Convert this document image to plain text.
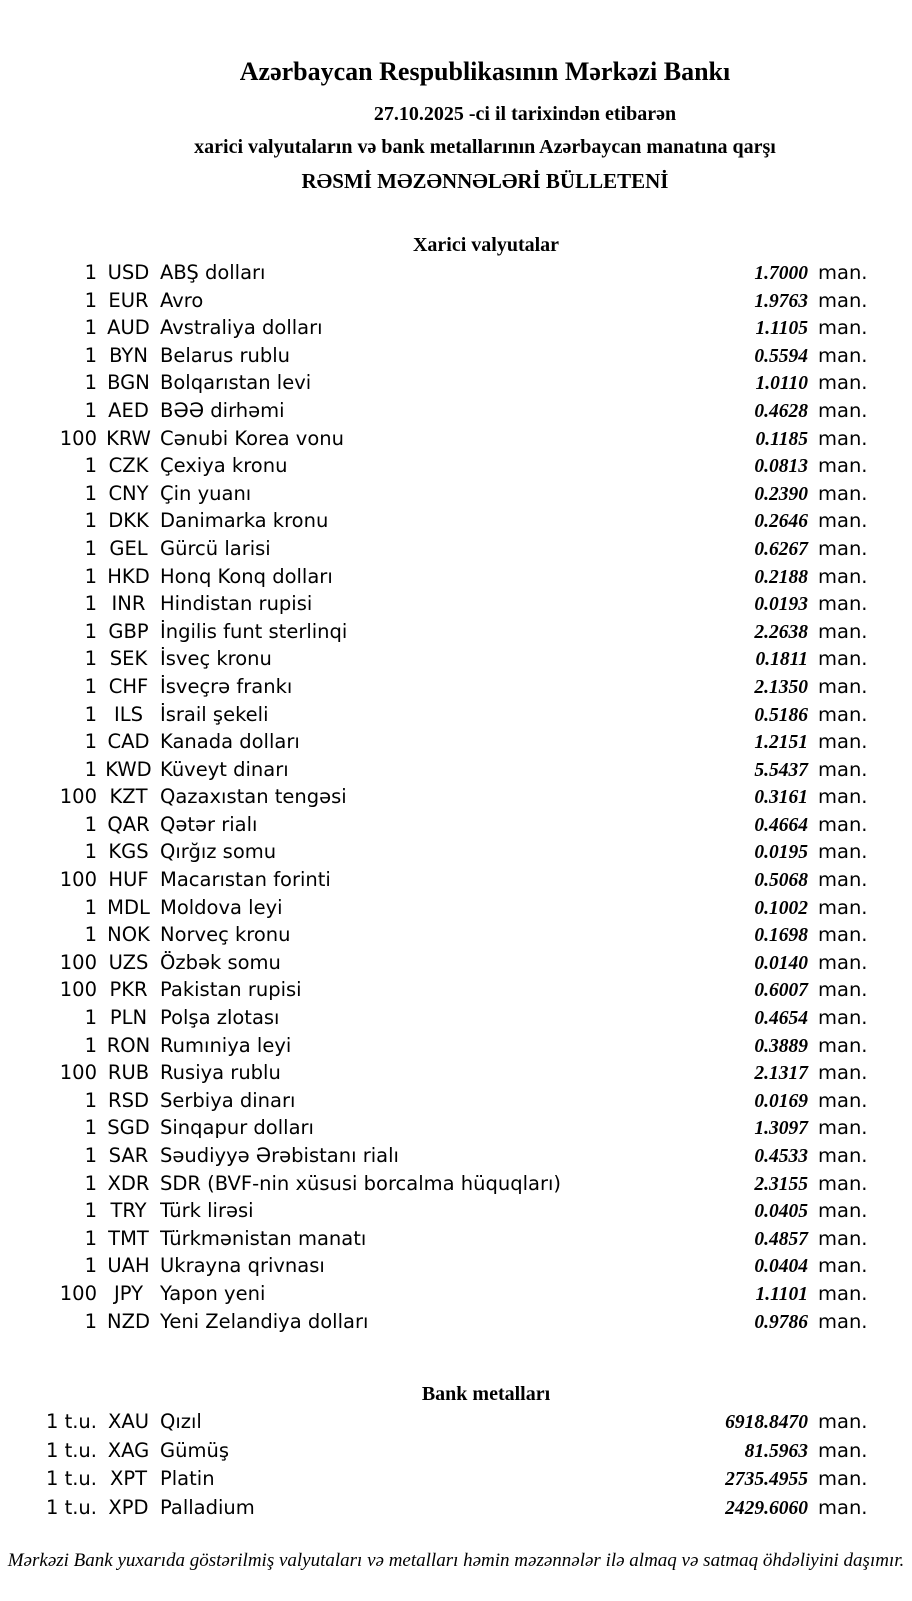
Azərbaycan Respublikasının Mərkəzi Bankı
27.10.2025 -ci il tarixindən etibarən
xarici valyutaların və bank metallarının Azərbaycan manatına qarşı
RƏSMİ MƏZƏNNƏLƏRİ BÜLLETENİ
Xarici valyutalar
1 USD ABŞ dolları	1.7000 man.
1 EUR Avro	1.9763 man.
1 AUD Avstraliya dolları	1.1105 man.
1 BYN Belarus rublu	0.5594 man.
1 BGN Bolqarıstan levi	1.0110 man.
1 AED BƏƏ dirhəmi	0.4628 man.
100 KRW Cənubi Korea vonu	0.1185 man.
1 CZK Çexiya kronu	0.0813 man.
1 CNY Çin yuanı	0.2390 man.
1 DKK Danimarka kronu	0.2646 man.
1 GEL Gürcü larisi	0.6267 man.
1 HKD Honq Konq dolları	0.2188 man.
1 INR Hindistan rupisi	0.0193 man.
1 GBP İngilis funt sterlinqi	2.2638 man.
1 SEK İsveç kronu	0.1811 man.
1 CHF İsveçrə frankı	2.1350 man.
1 ILS İsrail şekeli	0.5186 man.
1 CAD Kanada dolları	1.2151 man.
1 KWD Küveyt dinarı	5.5437 man.
100 KZT Qazaxıstan tengəsi	0.3161 man.
1 QAR Qətər rialı	0.4664 man.
1 KGS Qırğız somu	0.0195 man.
100 HUF Macarıstan forinti	0.5068 man.
1 MDL Moldova leyi	0.1002 man.
1 NOK Norveç kronu	0.1698 man.
100 UZS Özbək somu	0.0140 man.
100 PKR Pakistan rupisi	0.6007 man.
1 PLN Polşa zlotası	0.4654 man.
1 RON Rumıniya leyi	0.3889 man.
100 RUB Rusiya rublu	2.1317 man.
1 RSD Serbiya dinarı	0.0169 man.
1 SGD Sinqapur dolları	1.3097 man.
1 SAR Səudiyyə Ərəbistanı rialı	0.4533 man.
1 XDR SDR (BVF-nin xüsusi borcalma hüquqları)	2.3155 man.
1 TRY Türk lirəsi	0.0405 man.
1 TMT Türkmənistan manatı	0.4857 man.
1 UAH Ukrayna qrivnası	0.0404 man.
100 JPY Yapon yeni	1.1101 man.
1 NZD Yeni Zelandiya dolları	0.9786 man.
Bank metalları
1 t.u. XAU Qızıl	6918.8470 man.
1 t.u. XAG Gümüş	81.5963 man.
1 t.u. XPT Platin	2735.4955 man.
1 t.u. XPD Palladium	2429.6060 man.
Mərkəzi Bank yuxarıda göstərilmiş valyutaları və metalları həmin məzənnələr ilə almaq və satmaq öhdəliyini daşımır.
